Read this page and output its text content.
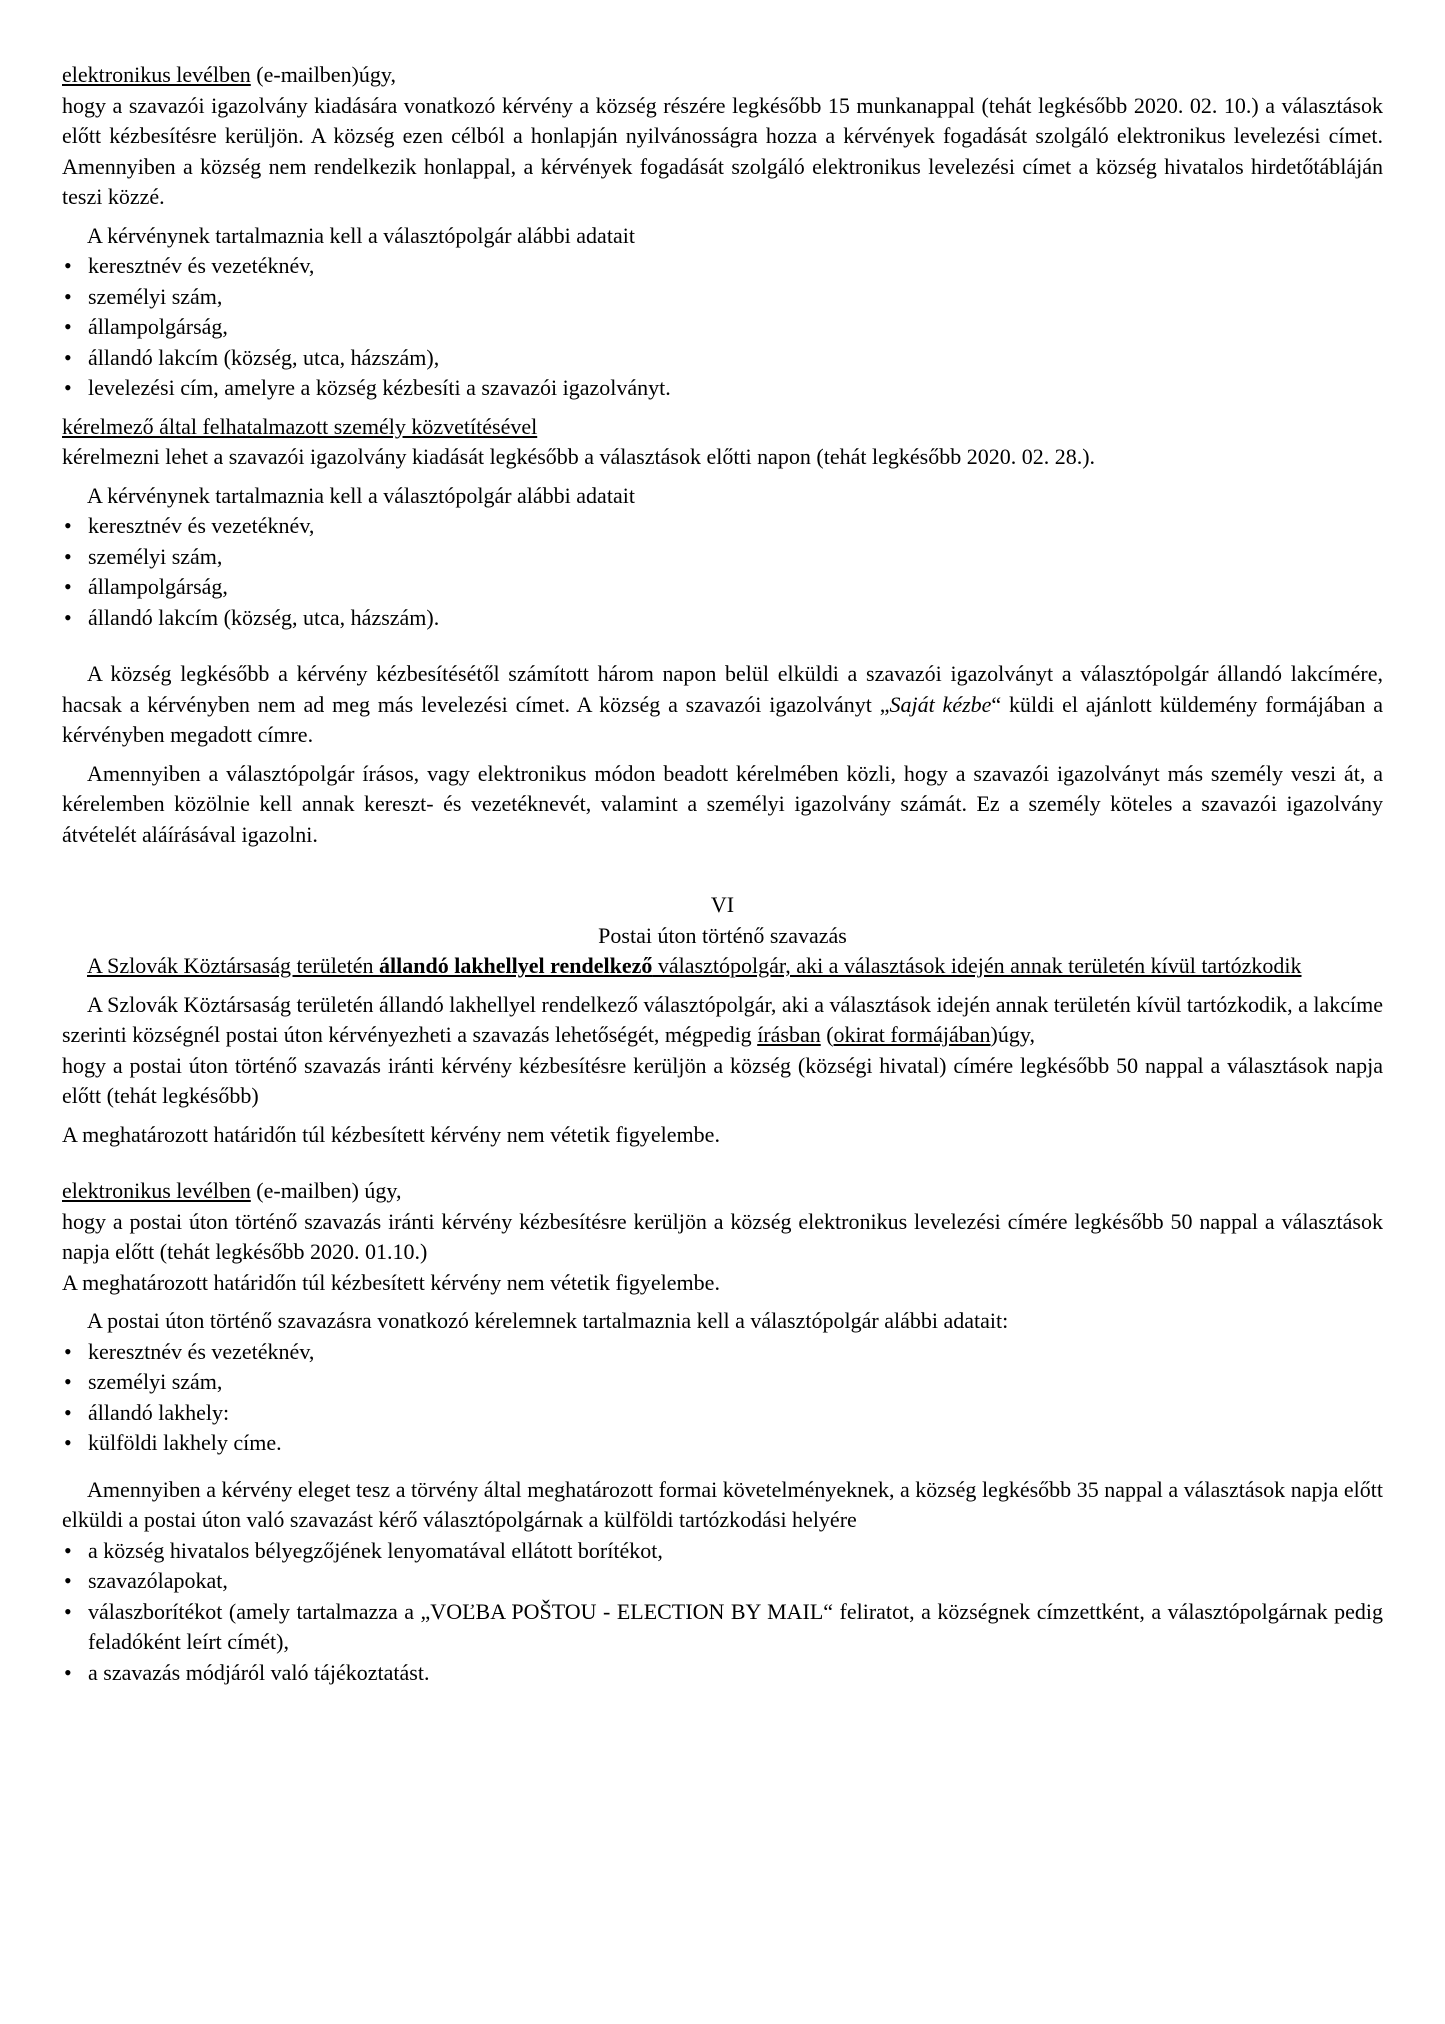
elektronikus levélben (e-mailben)úgy,

hogy a szavazói igazolvány kiadására vonatkozó kérvény a község részére legkésőbb 15 munkanappal (tehát legkésőbb 2020. 02. 10.) a választások előtt kézbesítésre kerüljön. A község ezen célból a honlapján nyilvánosságra hozza a kérvények fogadását szolgáló elektronikus levelezési címet. Amennyiben a község nem rendelkezik honlappal, a kérvények fogadását szolgáló elektronikus levelezési címet a község hivatalos hirdetőtábláján teszi közzé.

A kérvénynek tartalmaznia kell a választópolgár alábbi adatait

• keresztnév és vezetéknév,
• személyi szám,
• állampolgárság,
• állandó lakcím (község, utca, házszám),
• levelezési cím, amelyre a község kézbesíti a szavazói igazolványt.

kérelmező által felhatalmazott személy közvetítésével

kérelmezni lehet a szavazói igazolvány kiadását legkésőbb a választások előtti napon (tehát legkésőbb 2020. 02. 28.).

A kérvénynek tartalmaznia kell a választópolgár alábbi adatait

• keresztnév és vezetéknév,
• személyi szám,
• állampolgárság,
• állandó lakcím (község, utca, házszám).

A község legkésőbb a kérvény kézbesítésétől számított három napon belül elküldi a szavazói igazolványt a választópolgár állandó lakcímére, hacsak a kérvényben nem ad meg más levelezési címet. A község a szavazói igazolványt „Saját kézbe“ küldi el ajánlott küldemény formájában a kérvényben megadott címre.

Amennyiben a választópolgár írásos, vagy elektronikus módon beadott kérelmében közli, hogy a szavazói igazolványt más személy veszi át, a kérelemben közölnie kell annak kereszt- és vezetéknevét, valamint a személyi igazolvány számát. Ez a személy köteles a szavazói igazolvány átvételét aláírásával igazolni.

VI

Postai úton történő szavazás

A Szlovák Köztársaság területén állandó lakhellyel rendelkező választópolgár, aki a választások idején annak területén kívül tartózkodik

A Szlovák Köztársaság területén állandó lakhellyel rendelkező választópolgár, aki a választások idején annak területén kívül tartózkodik, a lakcíme szerinti községnél postai úton kérvényezheti a szavazás lehetőségét, mégpedig írásban (okirat formájában)úgy,

hogy a postai úton történő szavazás iránti kérvény kézbesítésre kerüljön a község (községi hivatal) címére legkésőbb 50 nappal a választások napja előtt (tehát legkésőbb)

A meghatározott határidőn túl kézbesített kérvény nem vétetik figyelembe.

elektronikus levélben (e-mailben) úgy,

hogy a postai úton történő szavazás iránti kérvény kézbesítésre kerüljön a község elektronikus levelezési címére legkésőbb 50 nappal a választások napja előtt (tehát legkésőbb 2020. 01.10.)

A meghatározott határidőn túl kézbesített kérvény nem vétetik figyelembe.

A postai úton történő szavazásra vonatkozó kérelemnek tartalmaznia kell a választópolgár alábbi adatait:

• keresztnév és vezetéknév,
• személyi szám,
• állandó lakhely:
• külföldi lakhely címe.

Amennyiben a kérvény eleget tesz a törvény által meghatározott formai követelményeknek, a község legkésőbb 35 nappal a választások napja előtt elküldi a postai úton való szavazást kérő választópolgárnak a külföldi tartózkodási helyére

• a község hivatalos bélyegzőjének lenyomatával ellátott borítékot,
• szavazólapokat,
• válaszborítékot (amely tartalmazza a „VOĽBA POŠTOU - ELECTION BY MAIL“ feliratot, a községnek címzettként, a választópolgárnak pedig feladóként leírt címét),
• a szavazás módjáról való tájékoztatást.
